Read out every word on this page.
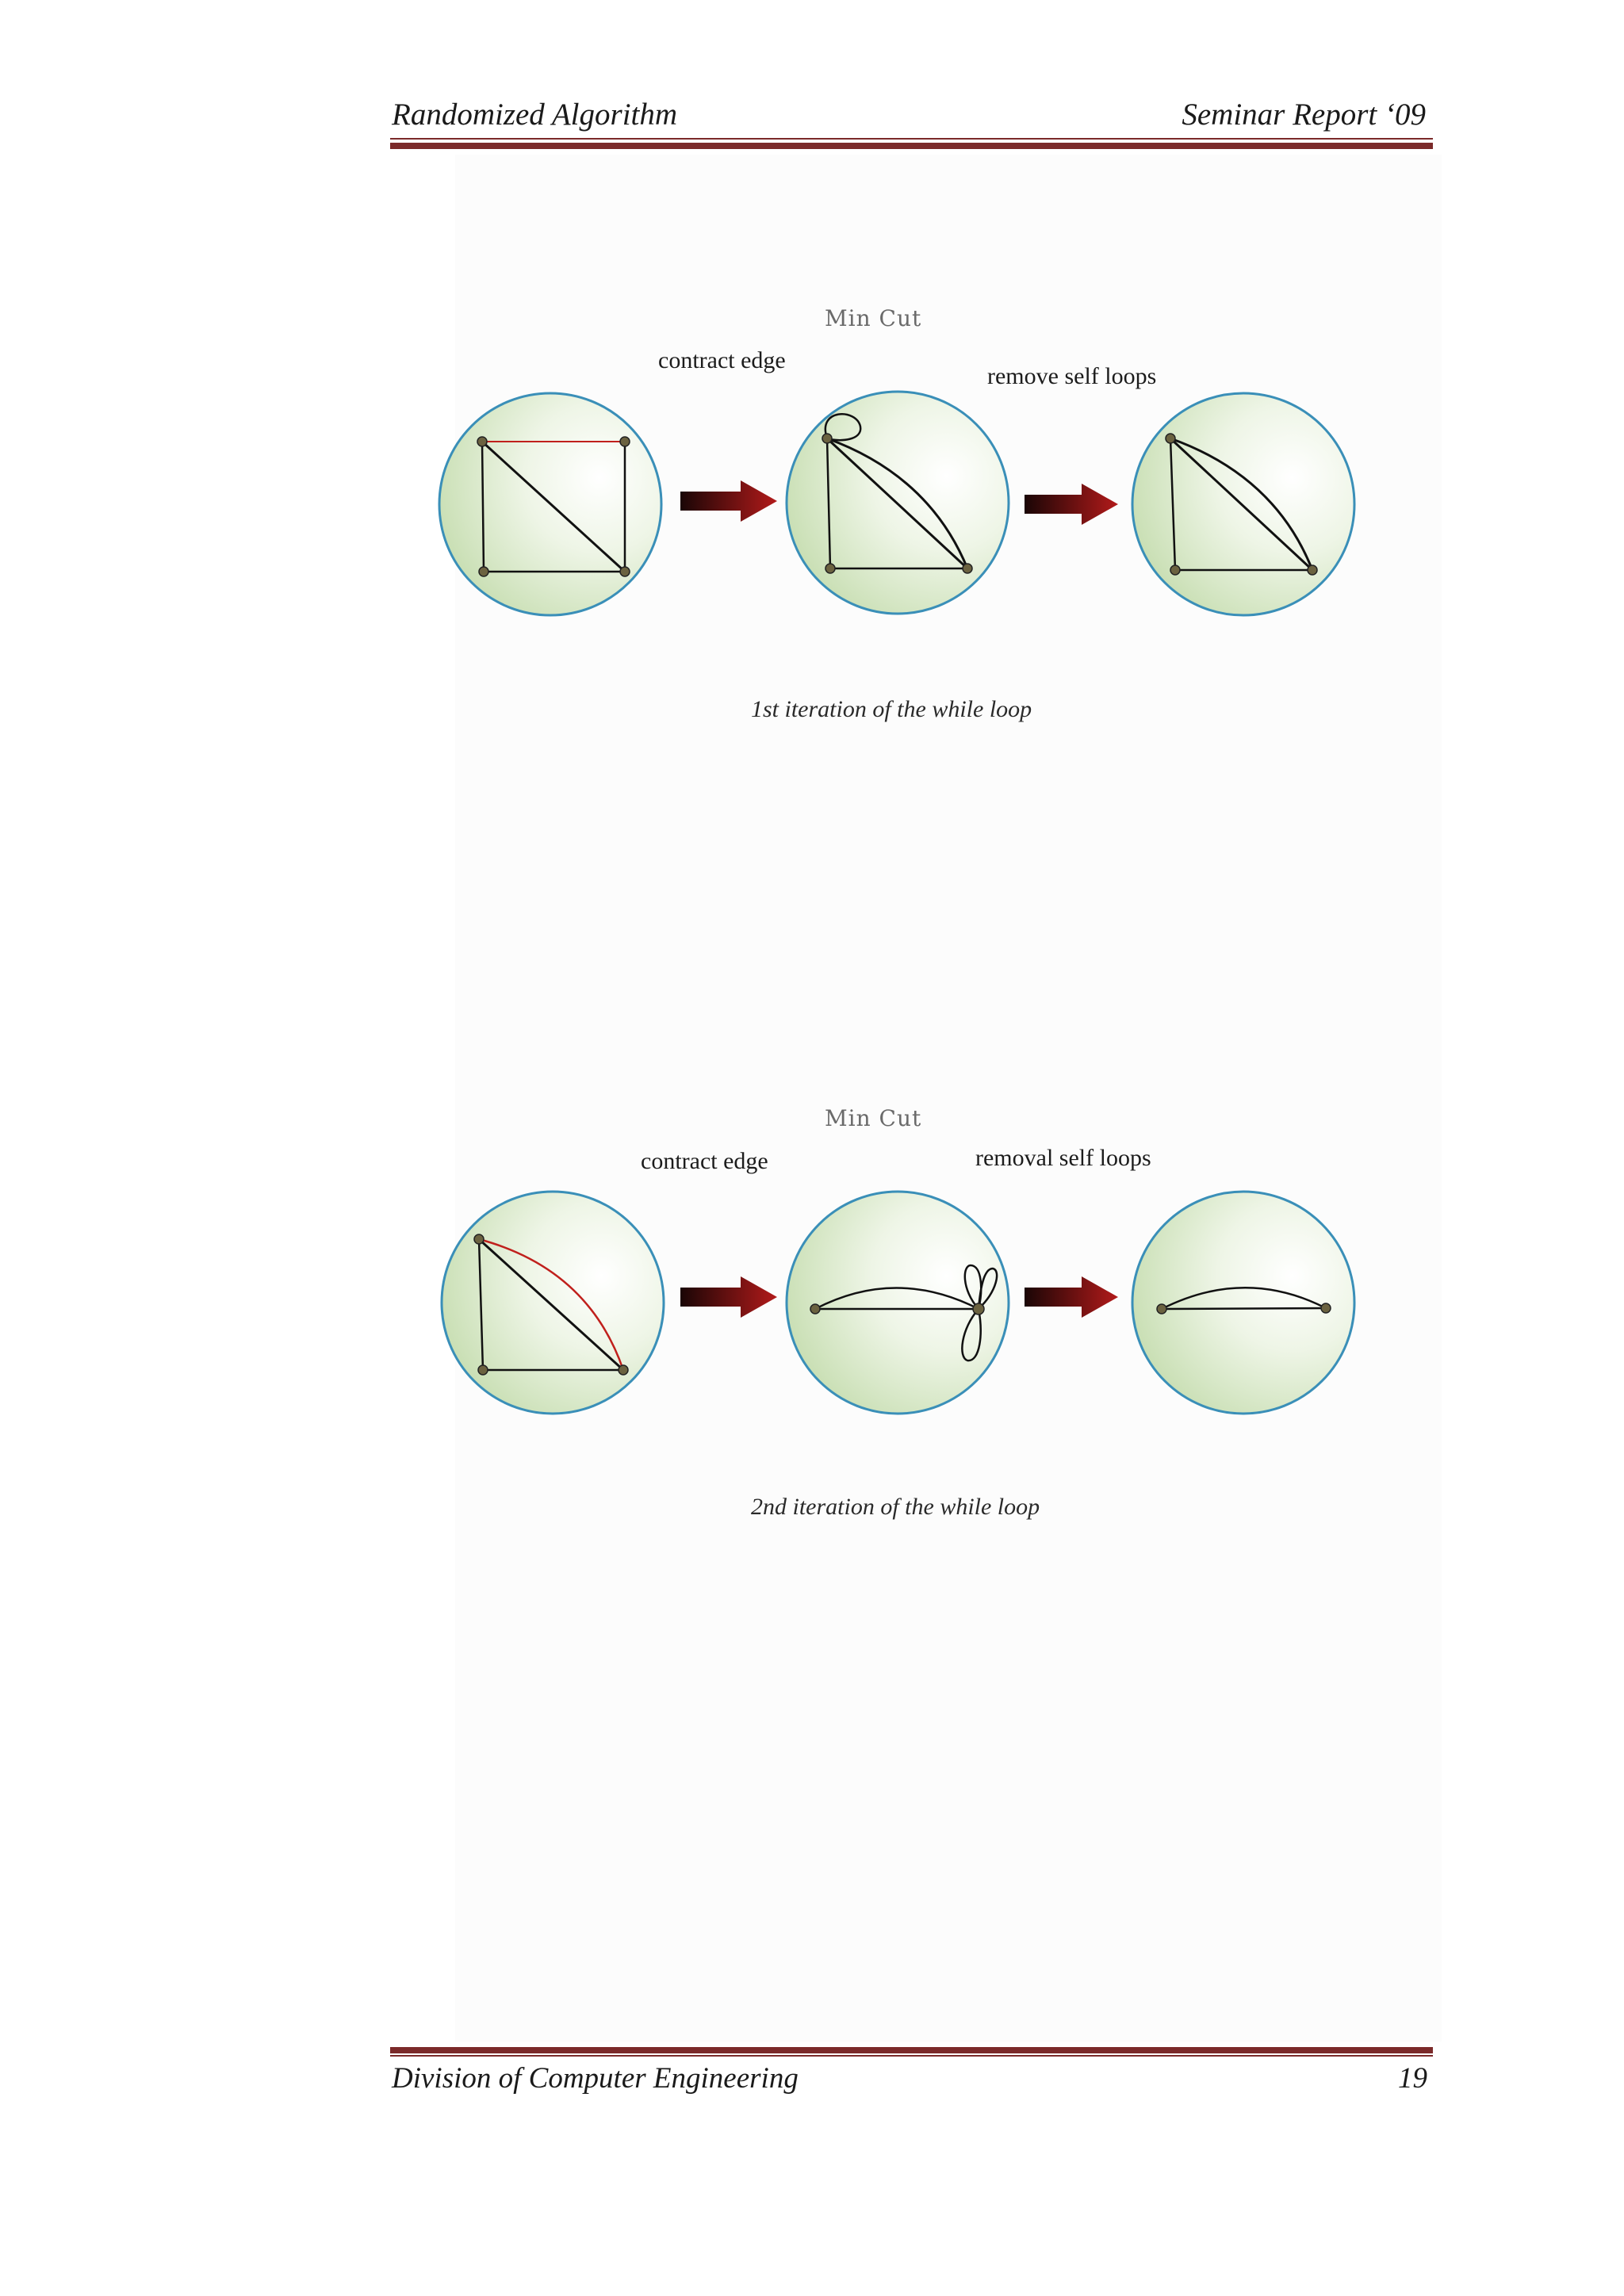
Randomized Algorithm	Seminar Report ‘09
Min Cut
contract edge
remove self loops
1st iteration of the while loop
Min Cut
contract edge	removal self loops
2nd iteration of the while loop
Division of Computer Engineering	19
